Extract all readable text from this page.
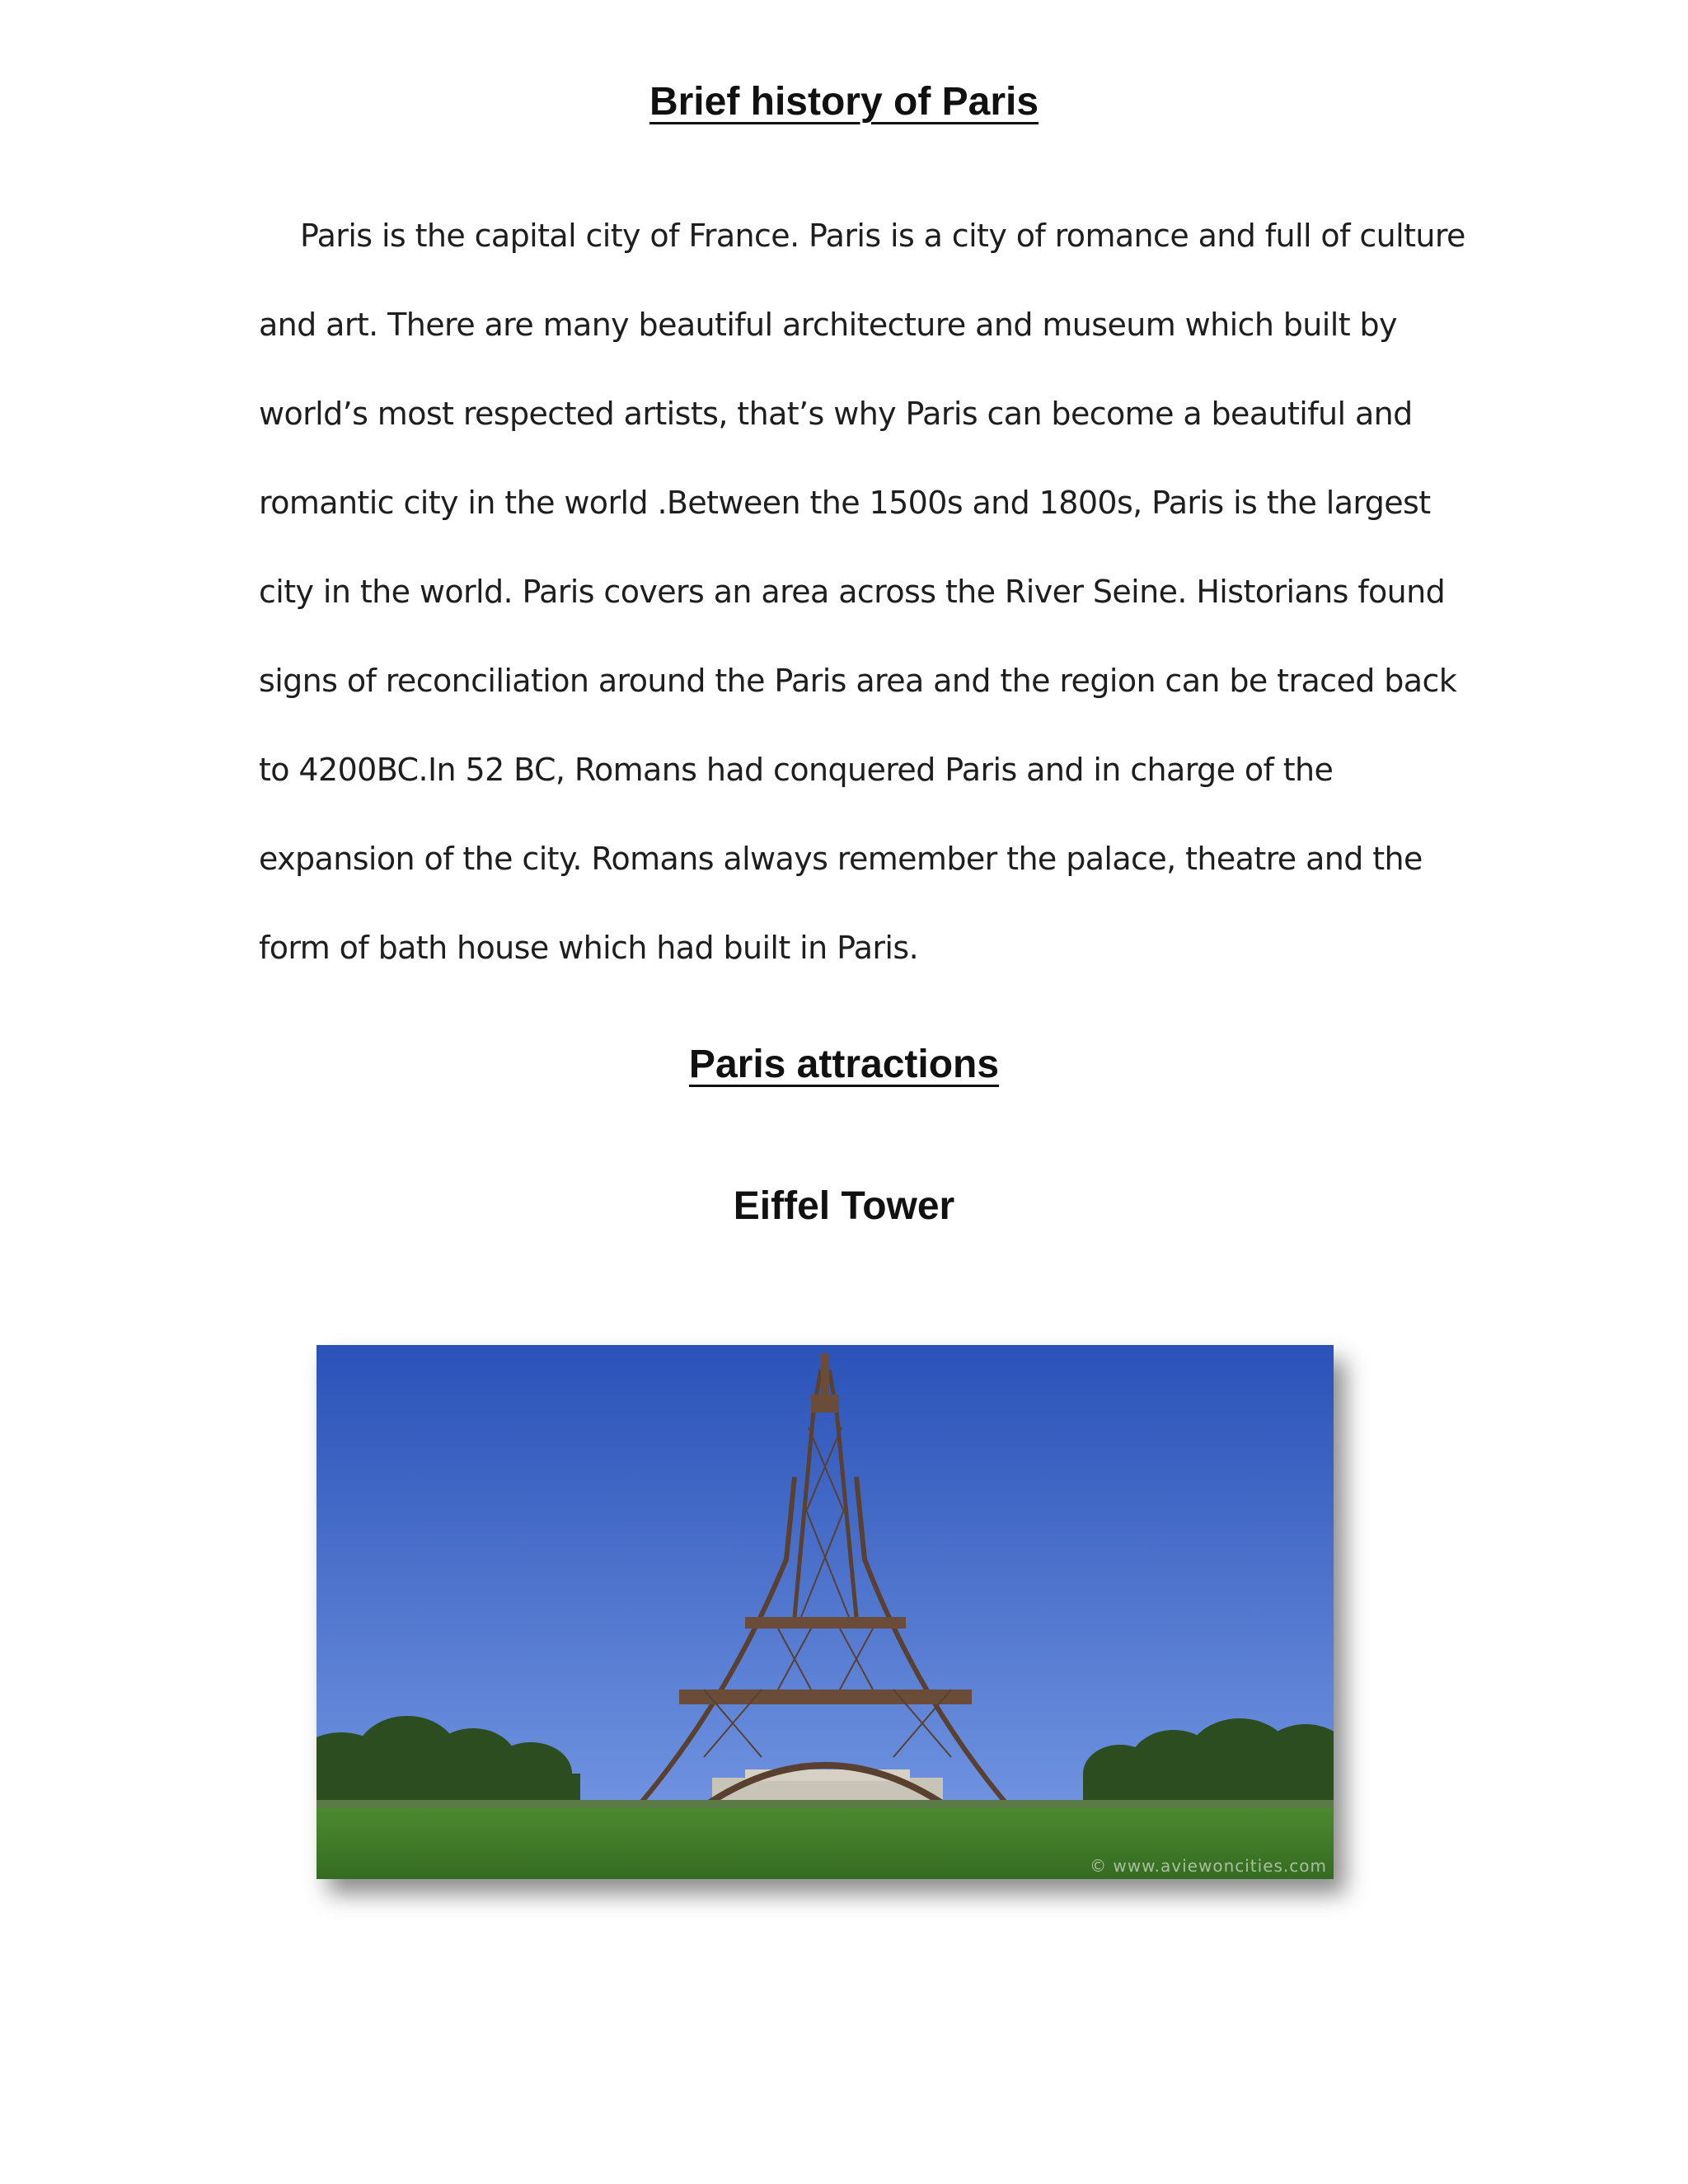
Brief history of Paris
Paris is the capital city of France. Paris is a city of romance and full of culture
and art. There are many beautiful architecture and museum which built by
world’s most respected artists, that’s why Paris can become a beautiful and
romantic city in the world .Between the 1500s and 1800s, Paris is the largest
city in the world. Paris covers an area across the River Seine. Historians found
signs of reconciliation around the Paris area and the region can be traced back
to 4200BC.In 52 BC, Romans had conquered Paris and in charge of the
expansion of the city. Romans always remember the palace, theatre and the
form of bath house which had built in Paris.
Paris attractions
Eiffel Tower
© www.aviewoncities.com
